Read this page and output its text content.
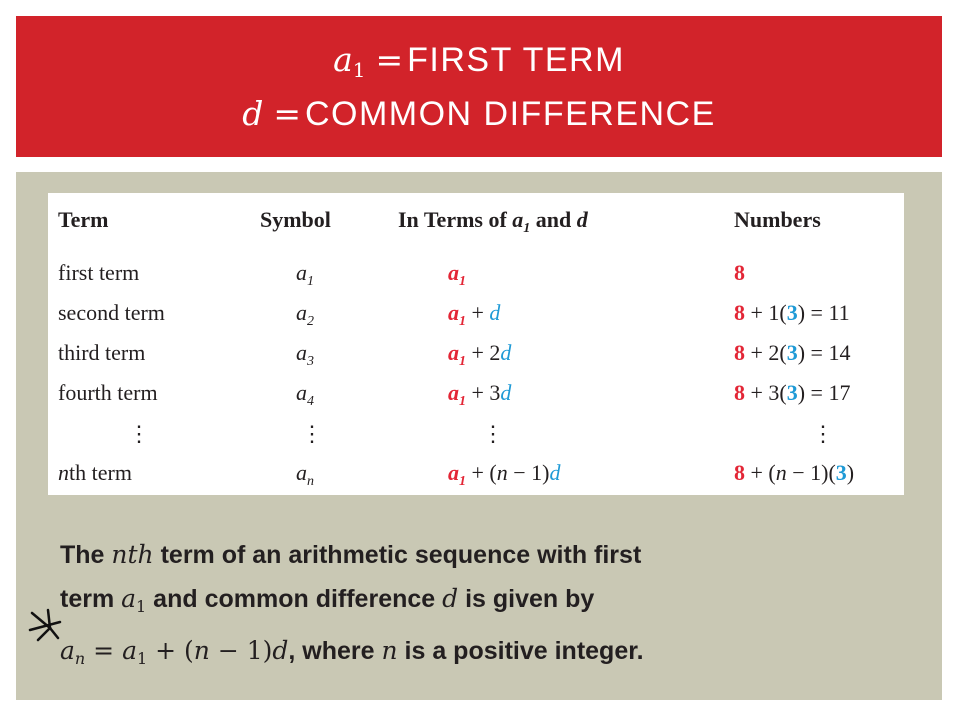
$a_1$ = FIRST TERM
d = COMMON DIFFERENCE
Term	Symbol	In Terms of $a_1$ and d	Numbers
first term	$a_1$	$a_1$	8
second term	$a_2$	$a_1 + d$	8 + 1(3) = 11
third term	$a_3$	$a_1 + 2d$	8 + 2(3) = 14
fourth term	$a_4$	$a_1 + 3d$	8 + 3(3) = 17
⋮	⋮	⋮	⋮
nth term	$a_n$	$a_1 + (n - 1)d$	8 + (n − 1)(3)
The nth term of an arithmetic sequence with first
term $a_1$ and common difference d is given by
$a_n = a_1 + (n - 1)d$, where n is a positive integer.
